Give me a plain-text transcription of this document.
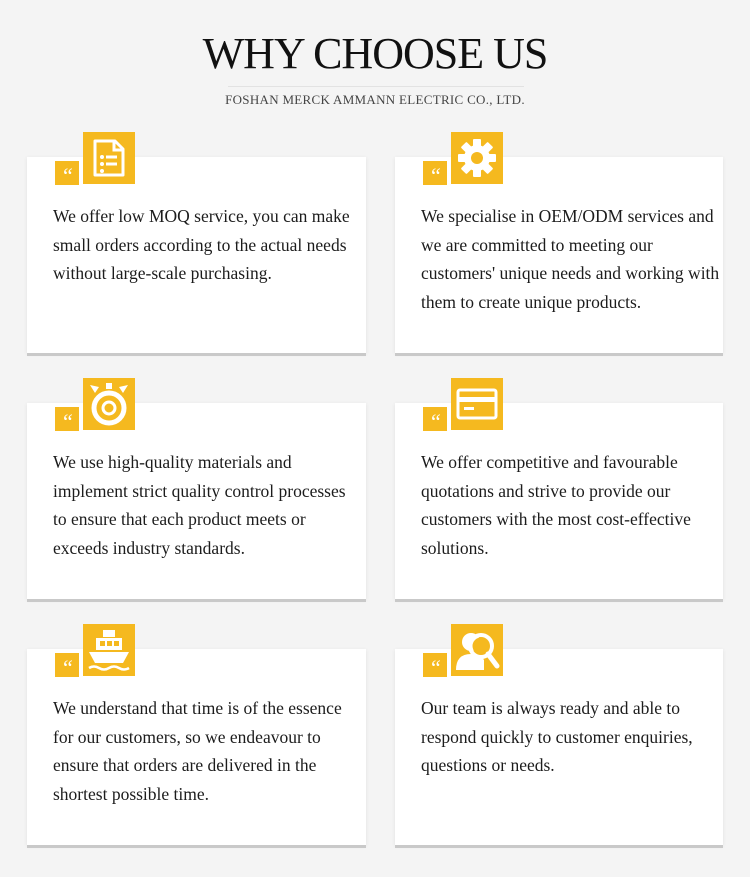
WHY CHOOSE US
FOSHAN MERCK AMMANN ELECTRIC CO., LTD.
“
We offer low MOQ service, you can make small orders according to the actual needs without large-scale purchasing.
“
We specialise in OEM/ODM services and we are committed to meeting our customers' unique needs and working with them to create unique products.
“
We use high-quality materials and implement strict quality control processes to ensure that each product meets or exceeds industry standards.
“
We offer competitive and favourable quotations and strive to provide our customers with the most cost-effective solutions.
“
We understand that time is of the essence for our customers, so we endeavour to ensure that orders are delivered in the shortest possible time.
“
Our team is always ready and able to respond quickly to customer enquiries, questions or needs.
